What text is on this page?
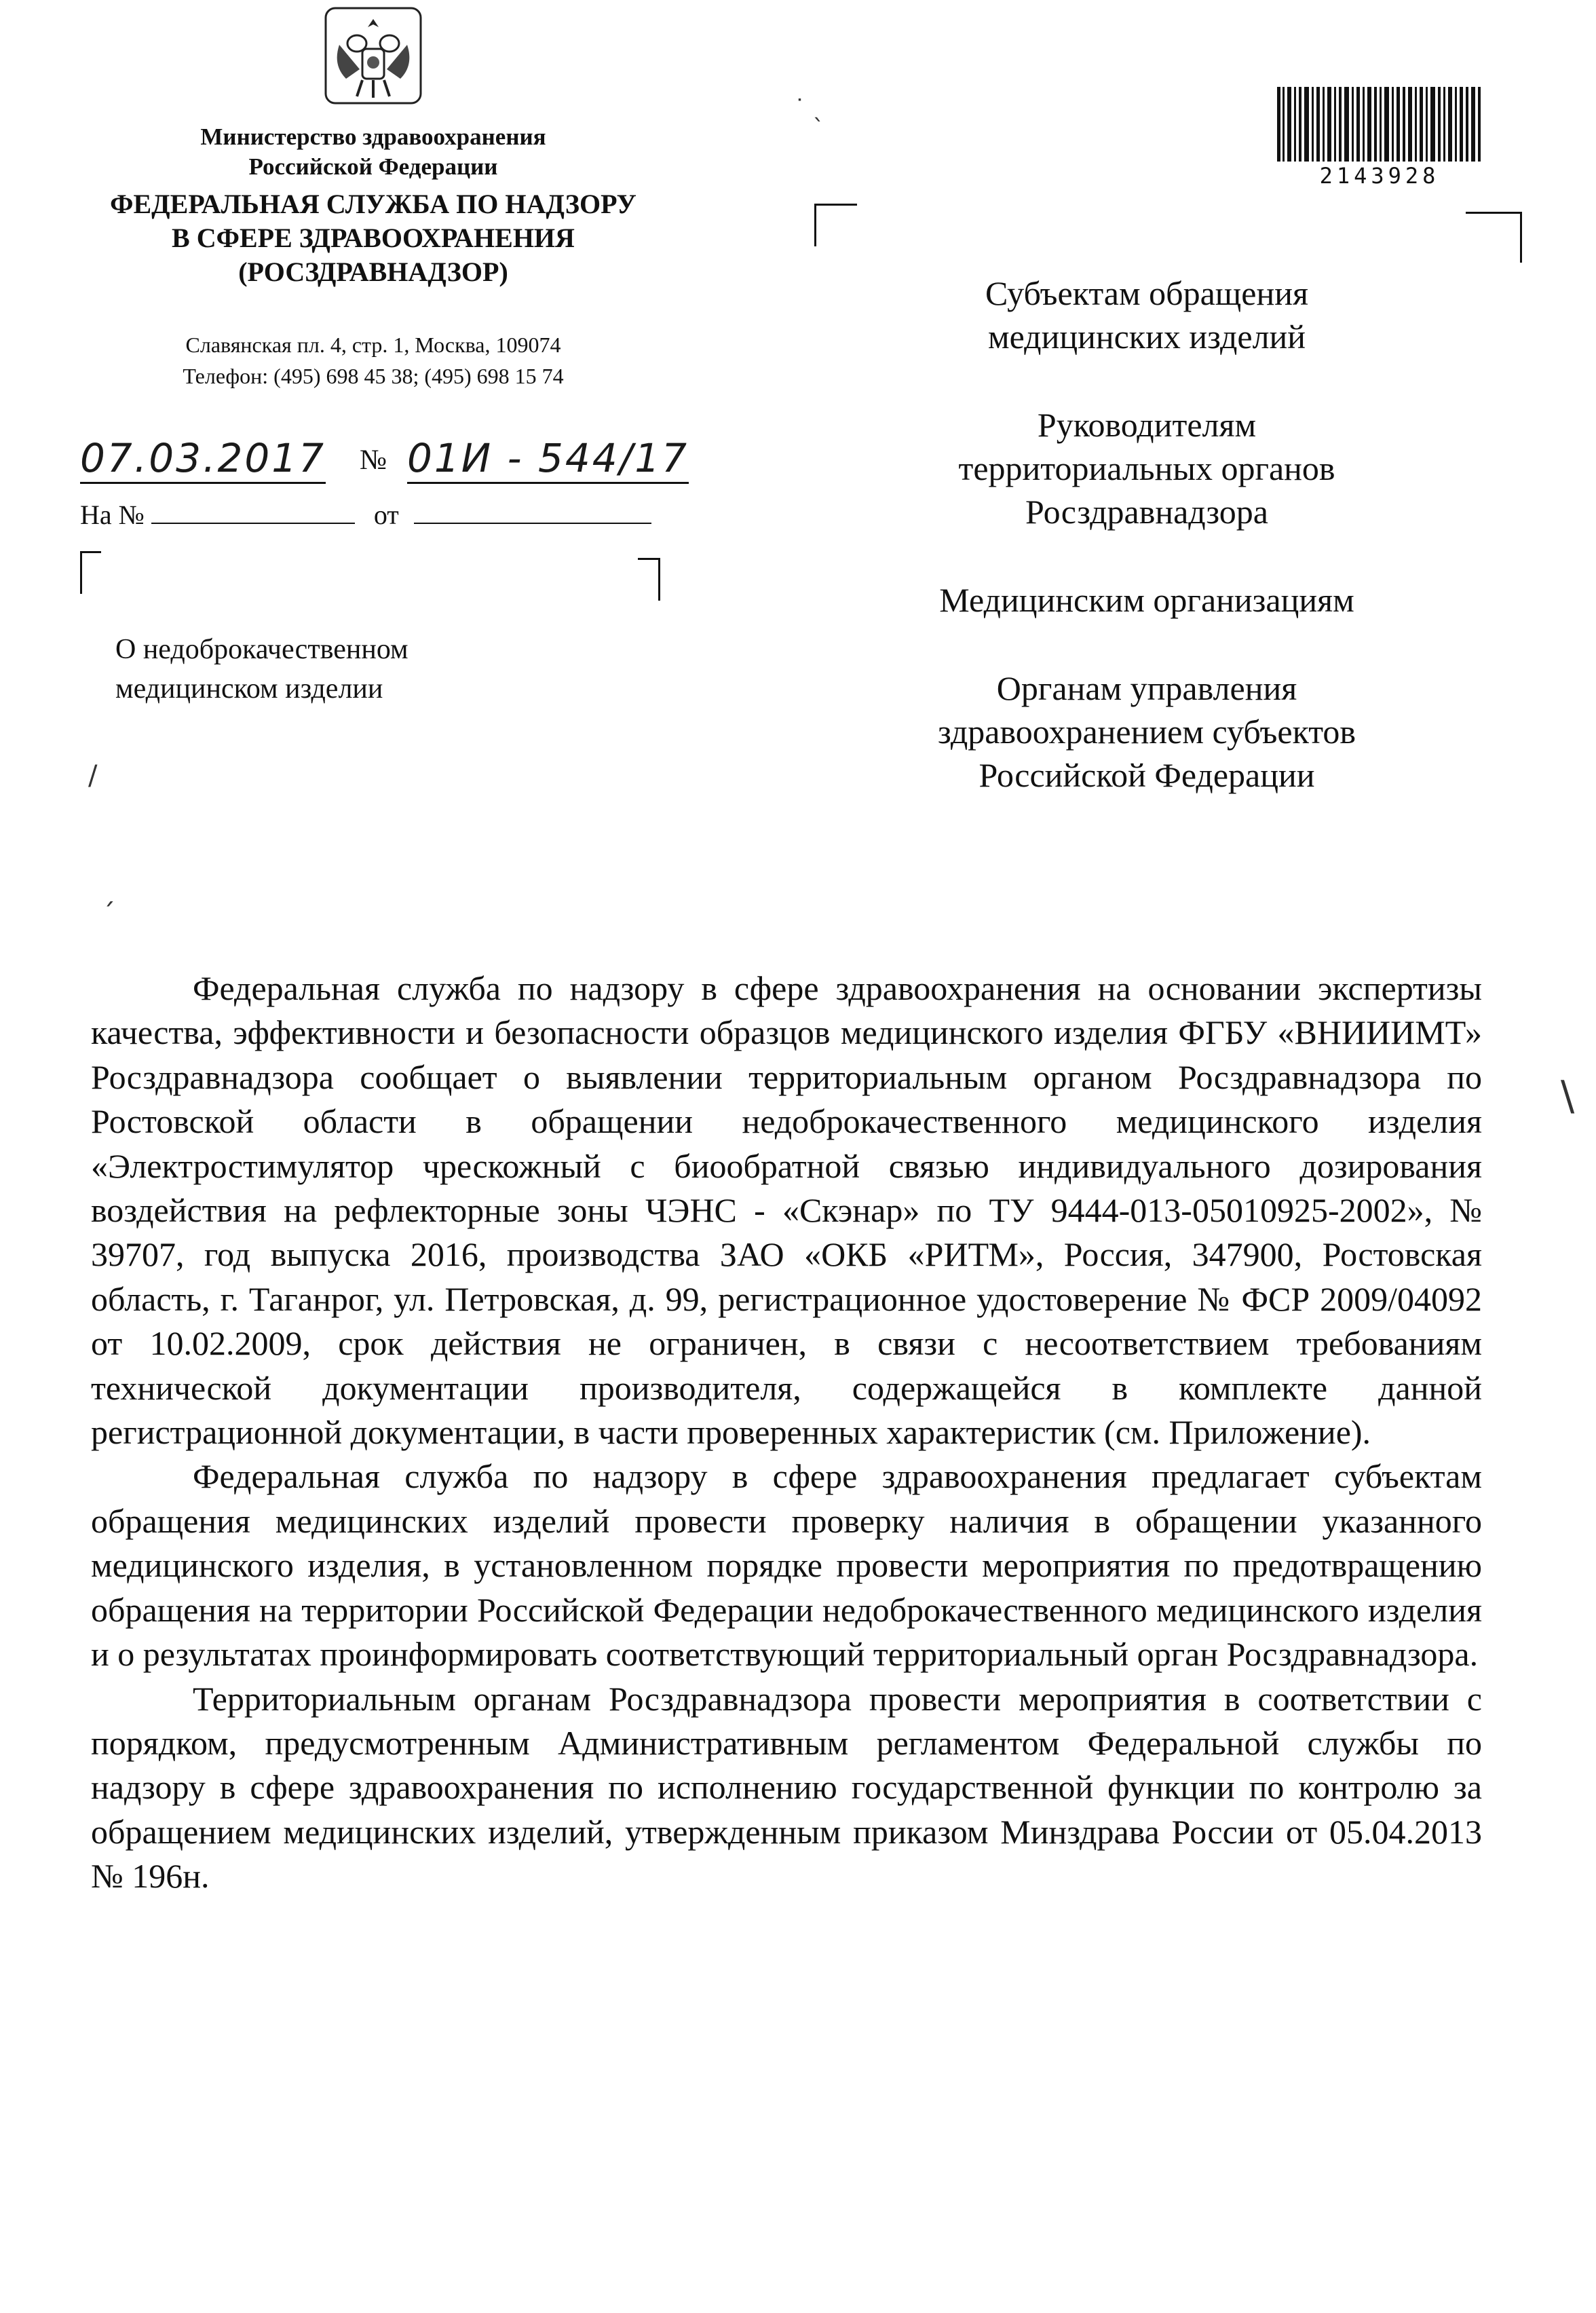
Министерство здравоохранения
Российской Федерации
ФЕДЕРАЛЬНАЯ СЛУЖБА ПО НАДЗОРУ
В СФЕРЕ ЗДРАВООХРАНЕНИЯ
(РОСЗДРАВНАДЗОР)
Славянская пл. 4, стр. 1, Москва, 109074
Телефон: (495) 698 45 38; (495) 698 15 74
07.03.2017 № 01И - 544/17
На №	от
О недоброкачественном
медицинском изделии
2143928
Субъектам обращения
медицинских изделий
Руководителям
территориальных органов
Росздравнадзора
Медицинским организациям
Органам управления
здравоохранением субъектов
Российской Федерации
˙ ˎ
/
ˏ
\

Федеральная служба по надзору в сфере здравоохранения на основании экспертизы качества, эффективности и безопасности образцов медицинского изделия ФГБУ «ВНИИИМТ» Росздравнадзора сообщает о выявлении территориальным органом Росздравнадзора по Ростовской области в обращении недоброкачественного медицинского изделия «Электростимулятор чрескожный с биообратной связью индивидуального дозирования воздействия на рефлекторные зоны ЧЭНС - «Скэнар» по ТУ 9444-013-05010925-2002», № 39707, год выпуска 2016, производства ЗАО «ОКБ «РИТМ», Россия, 347900, Ростовская область, г. Таганрог, ул. Петровская, д. 99, регистрационное удостоверение № ФСР 2009/04092 от 10.02.2009, срок действия не ограничен, в связи с несоответствием требованиям технической документации производителя, содержащейся в комплекте данной регистрационной документации, в части проверенных характеристик (см. Приложение).

Федеральная служба по надзору в сфере здравоохранения предлагает субъектам обращения медицинских изделий провести проверку наличия в обращении указанного медицинского изделия, в установленном порядке провести мероприятия по предотвращению обращения на территории Российской Федерации недоброкачественного медицинского изделия и о результатах проинформировать соответствующий территориальный орган Росздравнадзора.

Территориальным органам Росздравнадзора провести мероприятия в соответствии с порядком, предусмотренным Административным регламентом Федеральной службы по надзору в сфере здравоохранения по исполнению государственной функции по контролю за обращением медицинских изделий, утвержденным приказом Минздрава России от 05.04.2013 № 196н.
